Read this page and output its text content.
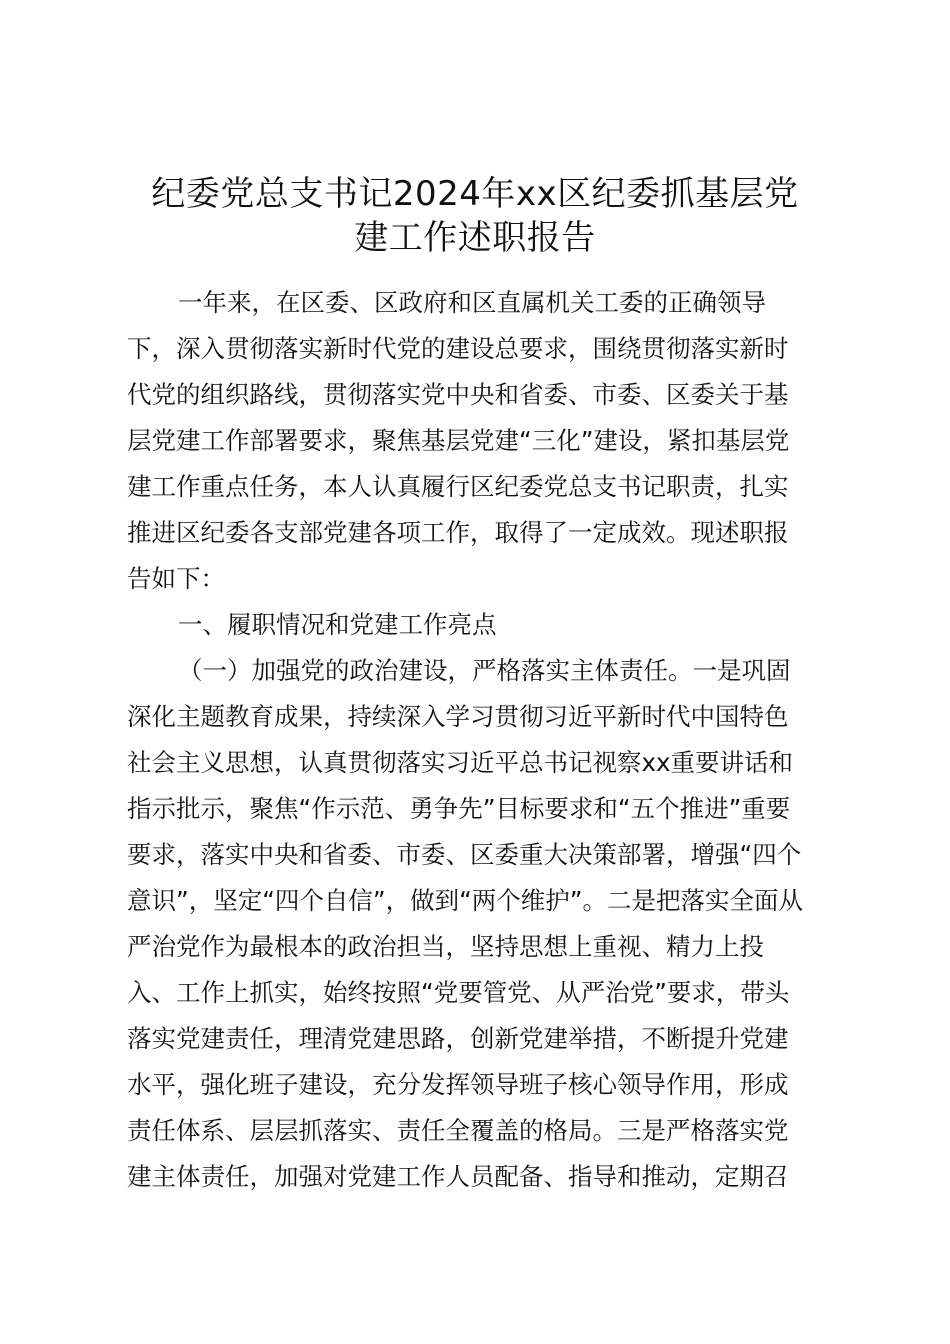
纪委党总支书记2024年xx区纪委抓基层党
建工作述职报告
一年来，在区委、区政府和区直属机关工委的正确领导
下，深入贯彻落实新时代党的建设总要求，围绕贯彻落实新时
代党的组织路线，贯彻落实党中央和省委、市委、区委关于基
层党建工作部署要求，聚焦基层党建“三化”建设，紧扣基层党
建工作重点任务，本人认真履行区纪委党总支书记职责，扎实
推进区纪委各支部党建各项工作，取得了一定成效。现述职报
告如下：
一、履职情况和党建工作亮点
（一）加强党的政治建设，严格落实主体责任。一是巩固
深化主题教育成果，持续深入学习贯彻习近平新时代中国特色
社会主义思想，认真贯彻落实习近平总书记视察xx重要讲话和
指示批示，聚焦“作示范、勇争先”目标要求和“五个推进”重要
要求，落实中央和省委、市委、区委重大决策部署，增强“四个
意识”，坚定“四个自信”，做到“两个维护”。二是把落实全面从
严治党作为最根本的政治担当，坚持思想上重视、精力上投
入、工作上抓实，始终按照“党要管党、从严治党”要求，带头
落实党建责任，理清党建思路，创新党建举措，不断提升党建
水平，强化班子建设，充分发挥领导班子核心领导作用，形成
责任体系、层层抓落实、责任全覆盖的格局。三是严格落实党
建主体责任，加强对党建工作人员配备、指导和推动，定期召
